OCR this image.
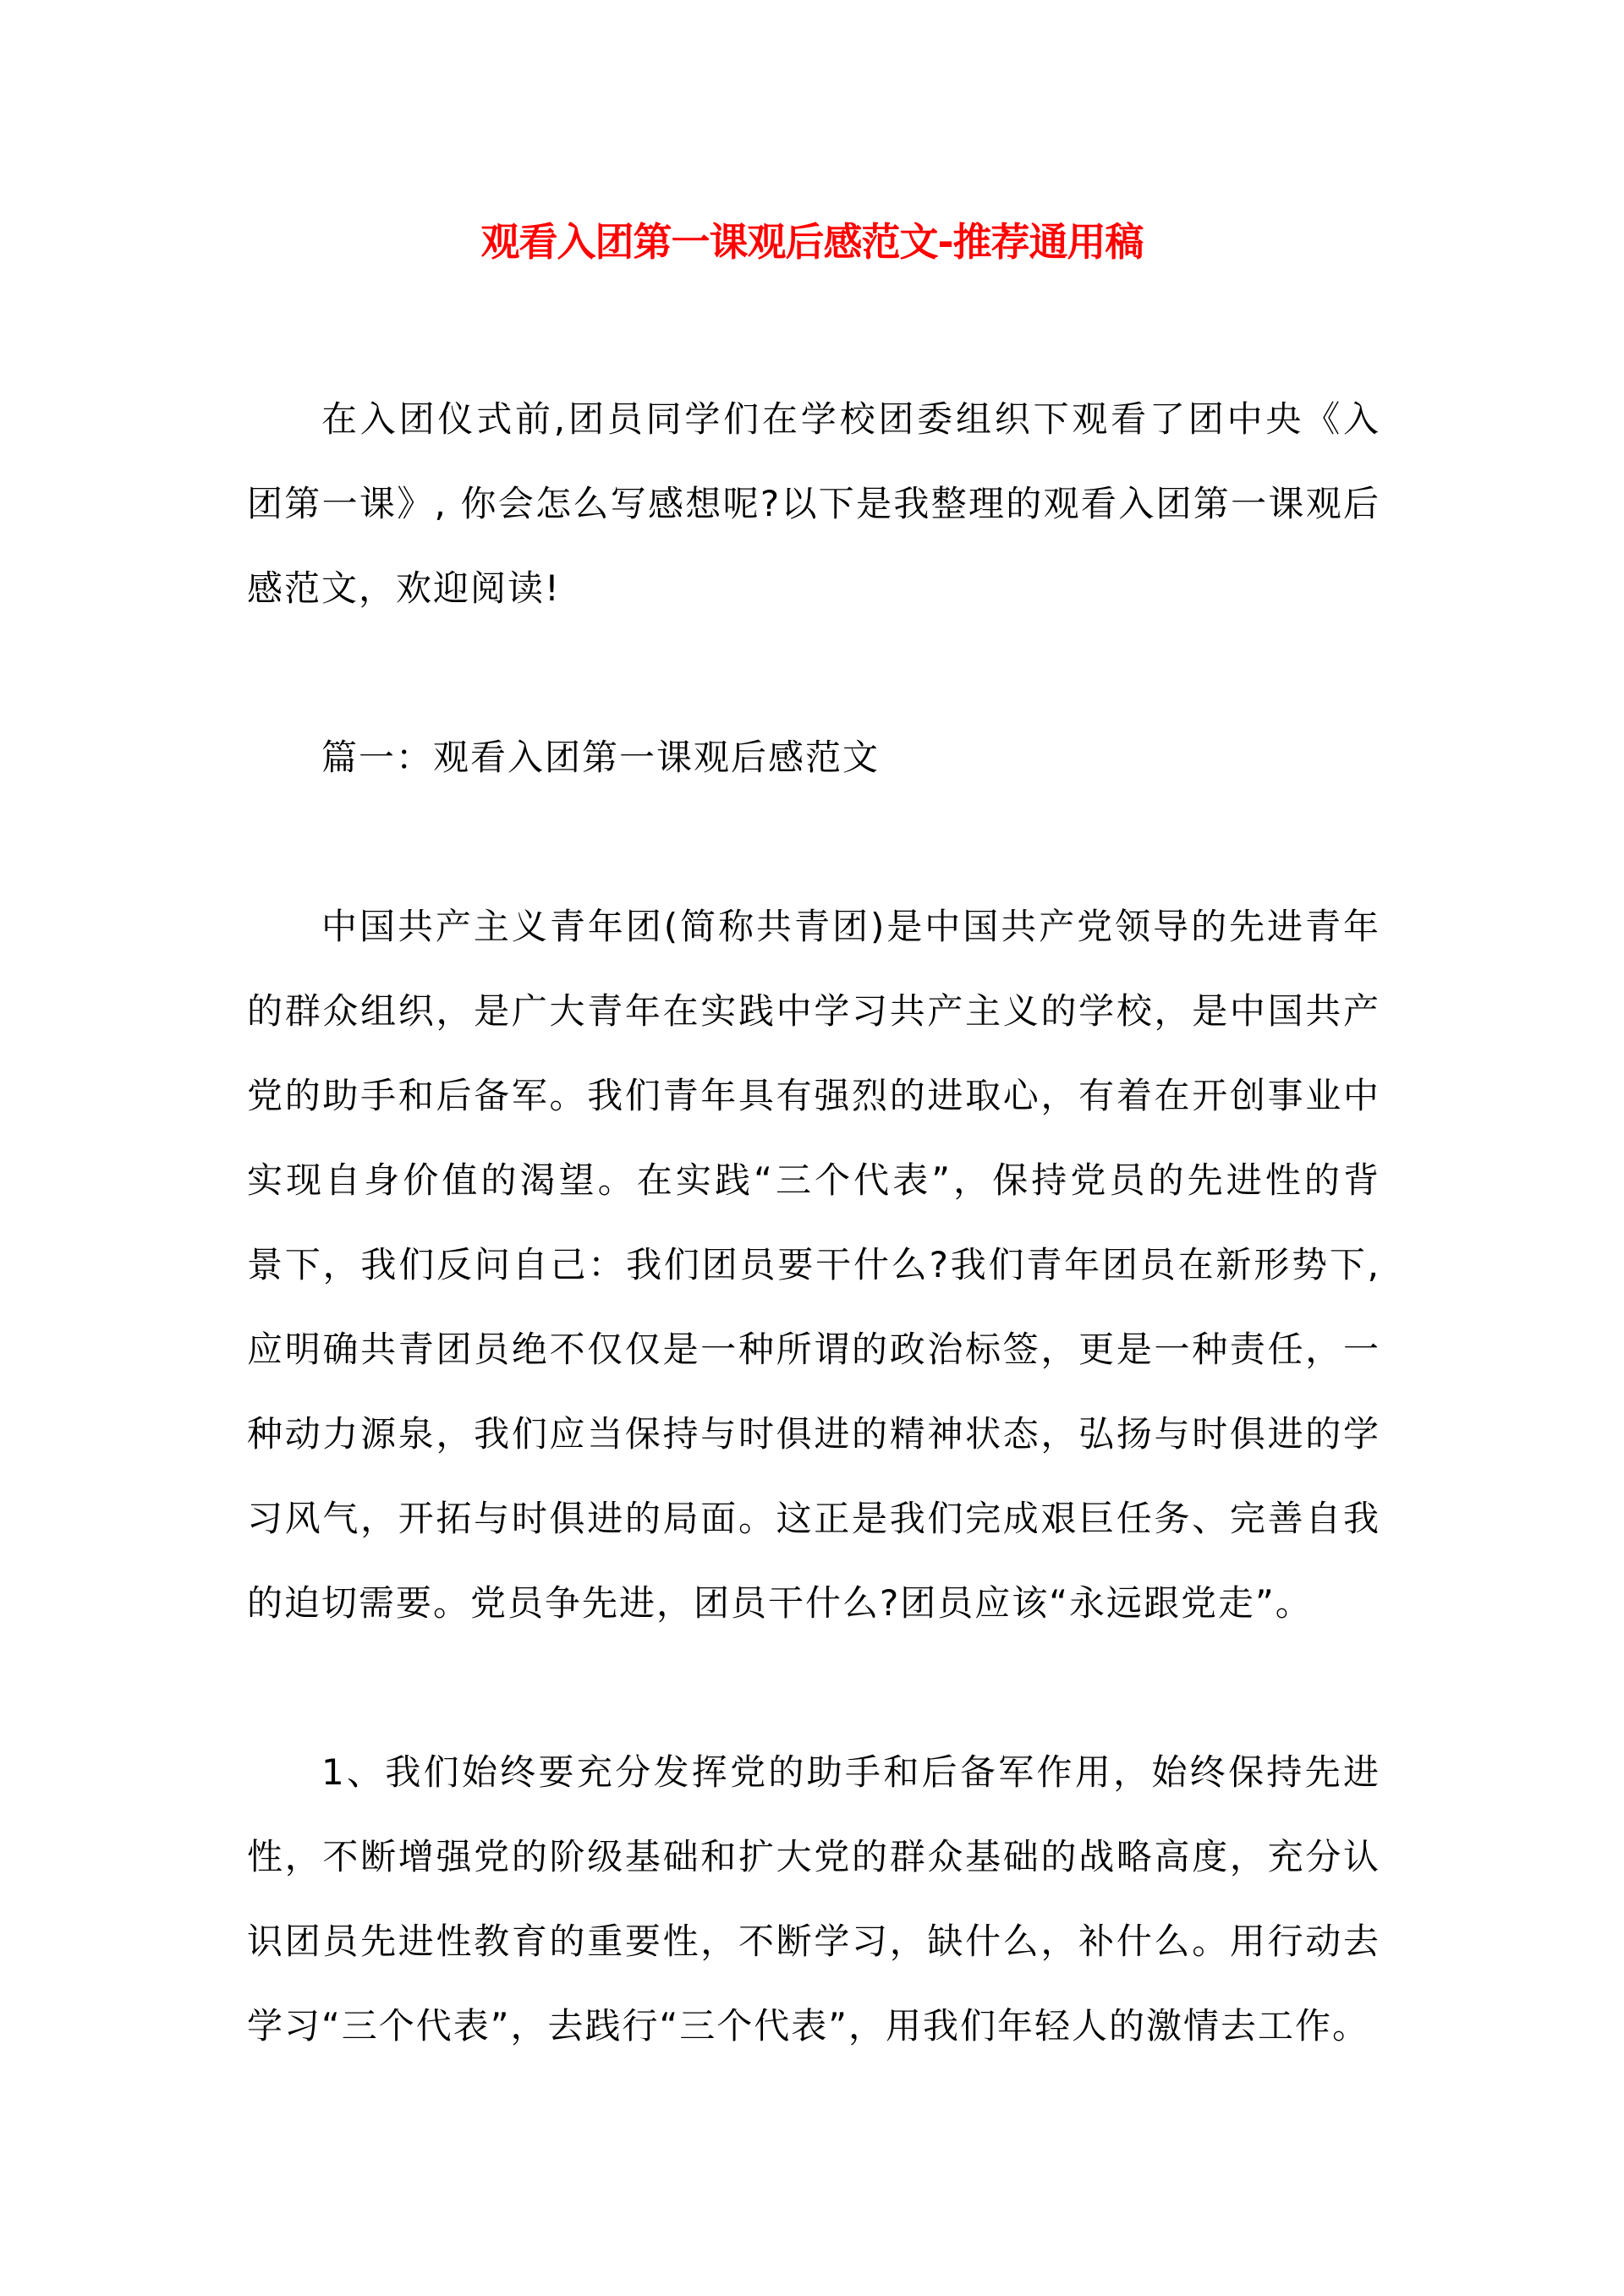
观看入团第一课观后感范文-推荐通用稿
在入团仪式前,团员同学们在学校团委组织下观看了团中央《入
团第一课》, 你会怎么写感想呢?以下是我整理的观看入团第一课观后
感范文，欢迎阅读!
篇一：观看入团第一课观后感范文
中国共产主义青年团(简称共青团)是中国共产党领导的先进青年
的群众组织，是广大青年在实践中学习共产主义的学校，是中国共产
党的助手和后备军。我们青年具有强烈的进取心，有着在开创事业中
实现自身价值的渴望。在实践“三个代表”，保持党员的先进性的背
景下，我们反问自己：我们团员要干什么?我们青年团员在新形势下,
应明确共青团员绝不仅仅是一种所谓的政治标签，更是一种责任，一
种动力源泉，我们应当保持与时俱进的精神状态，弘扬与时俱进的学
习风气，开拓与时俱进的局面。这正是我们完成艰巨任务、完善自我
的迫切需要。党员争先进，团员干什么?团员应该“永远跟党走”。
1、我们始终要充分发挥党的助手和后备军作用，始终保持先进
性，不断增强党的阶级基础和扩大党的群众基础的战略高度，充分认
识团员先进性教育的重要性，不断学习，缺什么，补什么。用行动去
学习“三个代表”，去践行“三个代表”，用我们年轻人的激情去工作。
